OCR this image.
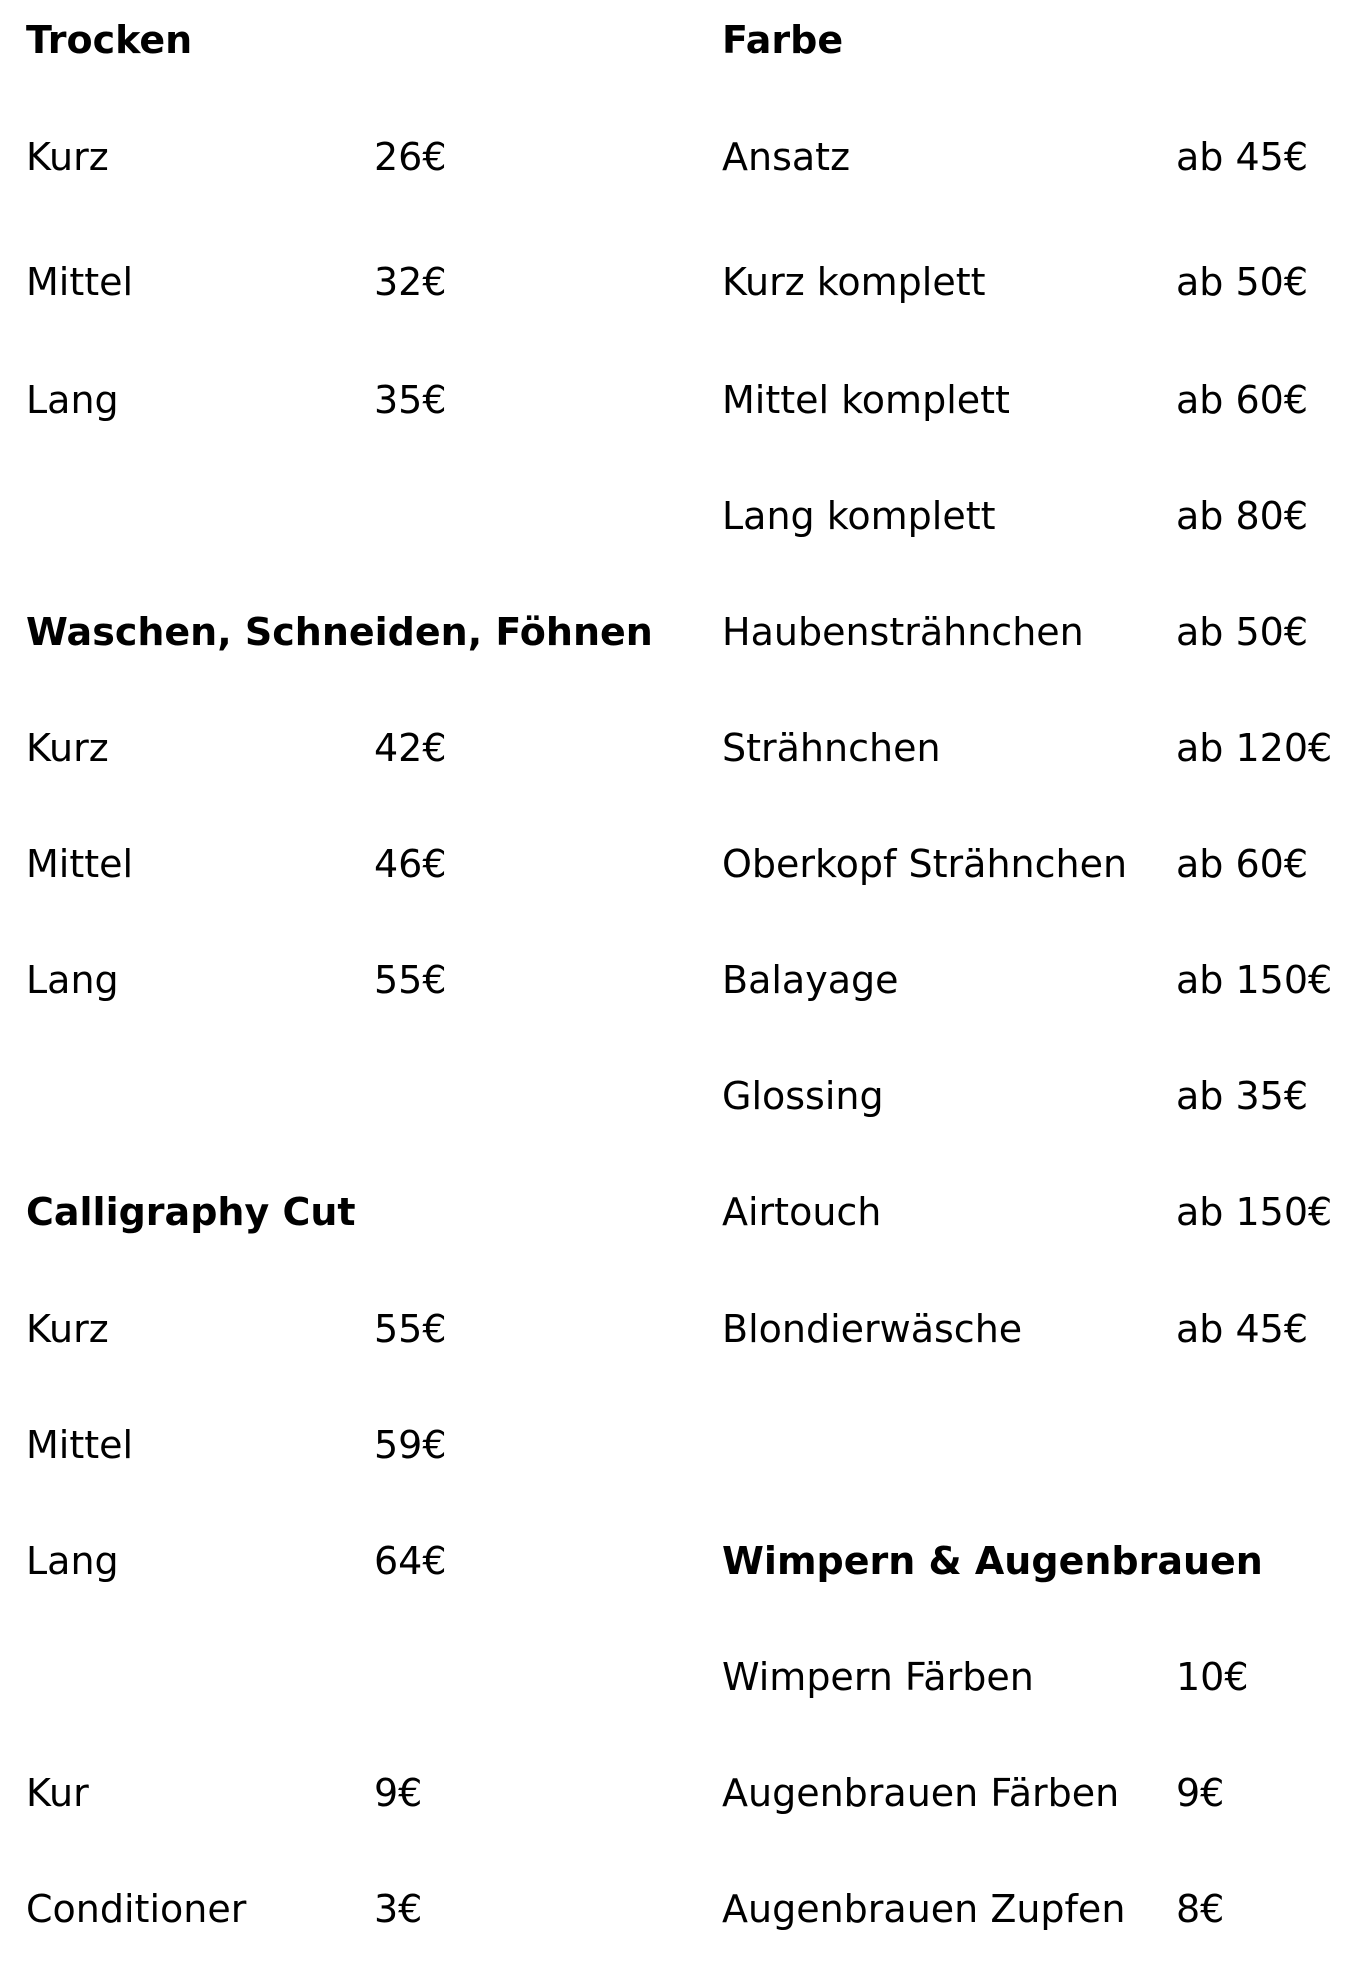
Trocken
Kurz	26€
Mittel	32€
Lang	35€
Waschen, Schneiden, Föhnen
Kurz	42€
Mittel	46€
Lang	55€
Calligraphy Cut
Kurz	55€
Mittel	59€
Lang	64€
Kur	9€
Conditioner	3€
Farbe
Ansatz	ab 45€
Kurz komplett	ab 50€
Mittel komplett	ab 60€
Lang komplett	ab 80€
Haubensträhnchen ab 50€
Strähnchen	ab 120€
Oberkopf Strähnchen ab 60€
Balayage	ab 150€
Glossing	ab 35€
Airtouch	ab 150€
Blondierwäsche	ab 45€
Wimpern & Augenbrauen
Wimpern Färben	10€
Augenbrauen Färben 9€
Augenbrauen Zupfen 8€
